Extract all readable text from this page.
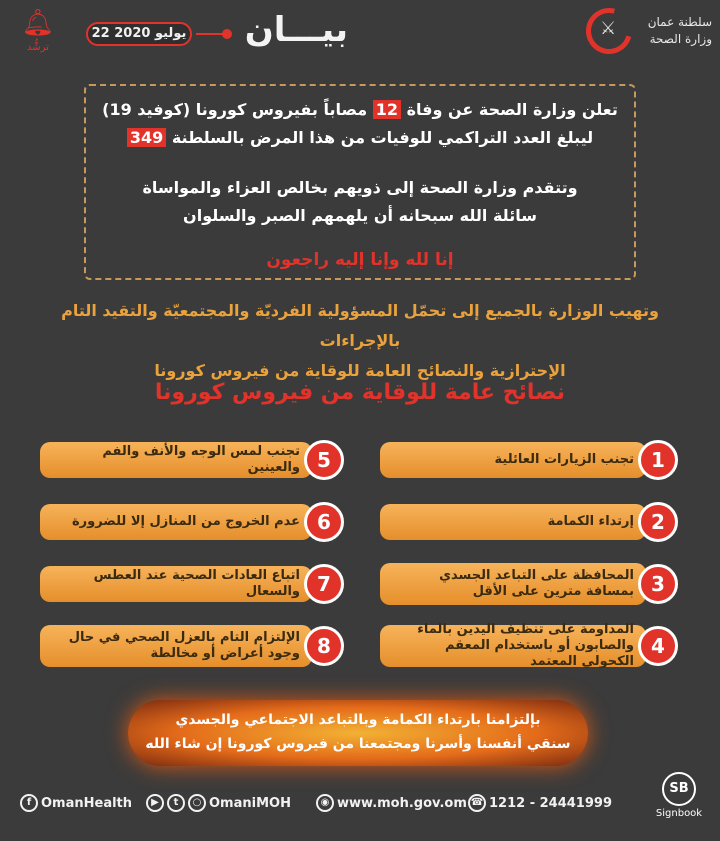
🔔︎
ترشُّد
22 يوليو 2020 بيـــان	⚔	سلطنة عمان وزارة الصحة
تعلن وزارة الصحة عن وفاة 12 مصاباً بفيروس كورونا (كوفيد 19)
ليبلغ العدد التراكمي للوفيات من هذا المرض بالسلطنة 349
وتتقدم وزارة الصحة إلى ذويهم بخالص العزاء والمواساة
سائلة الله سبحانه أن يلهمهم الصبر والسلوان
إنا لله وإنا إليه راجعون
وتهيب الوزارة بالجميع إلى تحمّل المسؤولية الفرديّة والمجتمعيّة والتقيد التام بالإجراءات
الإحترازية والنصائح العامة للوقاية من فيروس كورونا
نصائح عامة للوقاية من فيروس كورونا
تجنب الزيارات العائلية 1
إرتداء الكمامة 2
المحافظة على التباعد الجسدي بمسافة مترين على الأقل 3
المداومة على تنظيف اليدين بالماء والصابون أو باستخدام المعقم الكحولي المعتمد
4
تجنب لمس الوجه والأنف والفم والعينين 5
عدم الخروج من المنازل إلا للضرورة 6
اتباع العادات الصحية عند العطس والسعال 7
الإلتزام التام بالعزل الصحي في حال وجود أعراض أو مخالطة 8
بإلتزامنا بارتداء الكمامة وبالتباعد الاجتماعي والجسدي
سنقي أنفسنا وأسرنا ومجتمعنا من فيروس كورونا إن شاء الله
f OmanHealth	▶	t	○ OmaniMOH	◉ www.moh.gov.om ☎ 1212 - 24441999
SB
Signbook
